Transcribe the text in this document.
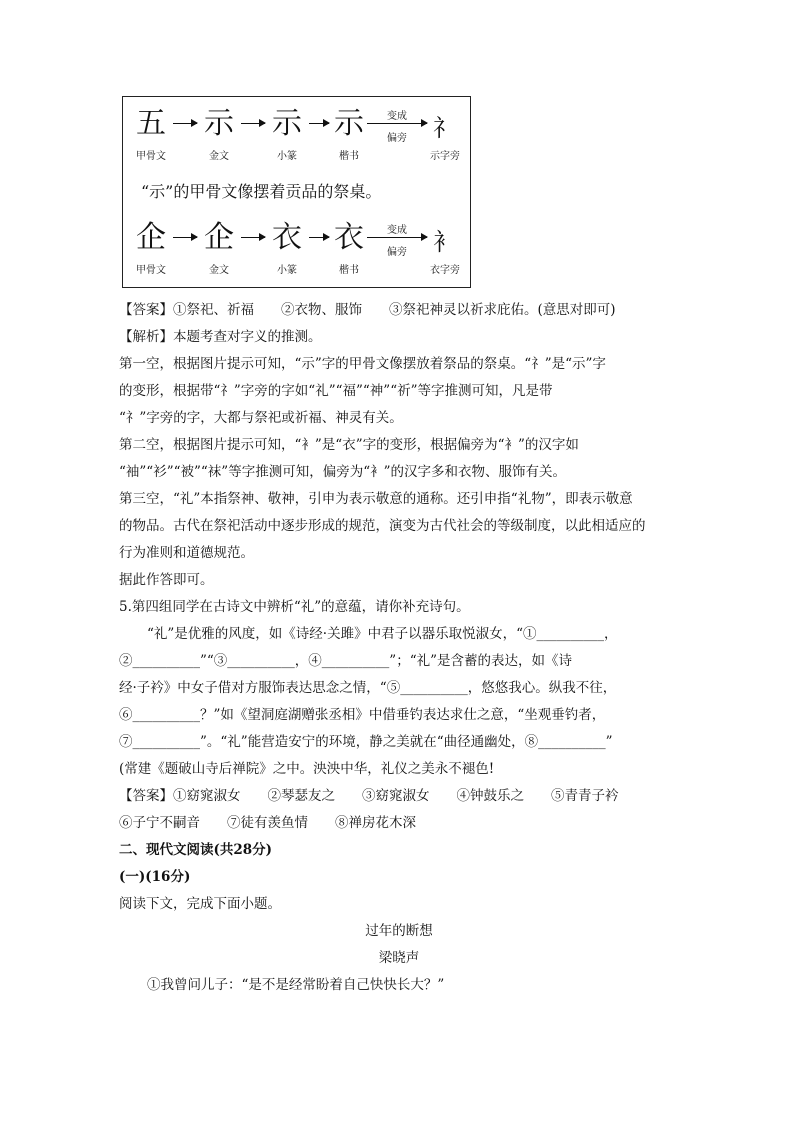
五 示 示 示	变成
偏旁	礻
甲骨文	金文	小篆	楷书	示字旁
“示”的甲骨文像摆着贡品的祭桌。
企 企 衣 衣	变成
偏旁	衤
甲骨文	金文	小篆	楷书	衣字旁
【答案】①祭祀、祈福　　②衣物、服饰　　③祭祀神灵以祈求庇佑。(意思对即可)
【解析】本题考查对字义的推测。
第一空，根据图片提示可知，“示”字的甲骨文像摆放着祭品的祭桌。“礻”是“示”字
的变形，根据带“礻”字旁的字如“礼”“福”“神”“祈”等字推测可知，凡是带
“礻”字旁的字，大都与祭祀或祈福、神灵有关。
第二空，根据图片提示可知，“衤”是“衣”字的变形，根据偏旁为“衤”的汉字如
“袖”“衫”“被”“袜”等字推测可知，偏旁为“衤”的汉字多和衣物、服饰有关。
第三空，“礼”本指祭神、敬神，引申为表示敬意的通称。还引申指“礼物”，即表示敬意
的物品。古代在祭祀活动中逐步形成的规范，演变为古代社会的等级制度，以此相适应的
行为准则和道德规范。
据此作答即可。
5.第四组同学在古诗文中辨析“礼”的意蕴，请你补充诗句。
“礼”是优雅的风度，如《诗经·关雎》中君子以器乐取悦淑女，“①__________，
②__________”“③__________，④__________”；“礼”是含蓄的表达，如《诗
经·子衿》中女子借对方服饰表达思念之情，“⑤__________，悠悠我心。纵我不往，
⑥__________？”如《望洞庭湖赠张丞相》中借垂钓表达求仕之意，“坐观垂钓者，
⑦__________”。“礼”能营造安宁的环境，静之美就在“曲径通幽处，⑧__________”
(常建《题破山寺后禅院》之中。泱泱中华，礼仪之美永不褪色!
【答案】①窈窕淑女　　②琴瑟友之　　③窈窕淑女　　④钟鼓乐之　　⑤青青子衿
⑥子宁不嗣音　　⑦徒有羡鱼情　　⑧禅房花木深
二、现代文阅读(共28分)
(一)(16分)
阅读下文，完成下面小题。
过年的断想
梁晓声
①我曾问儿子：“是不是经常盼着自己快快长大？”
